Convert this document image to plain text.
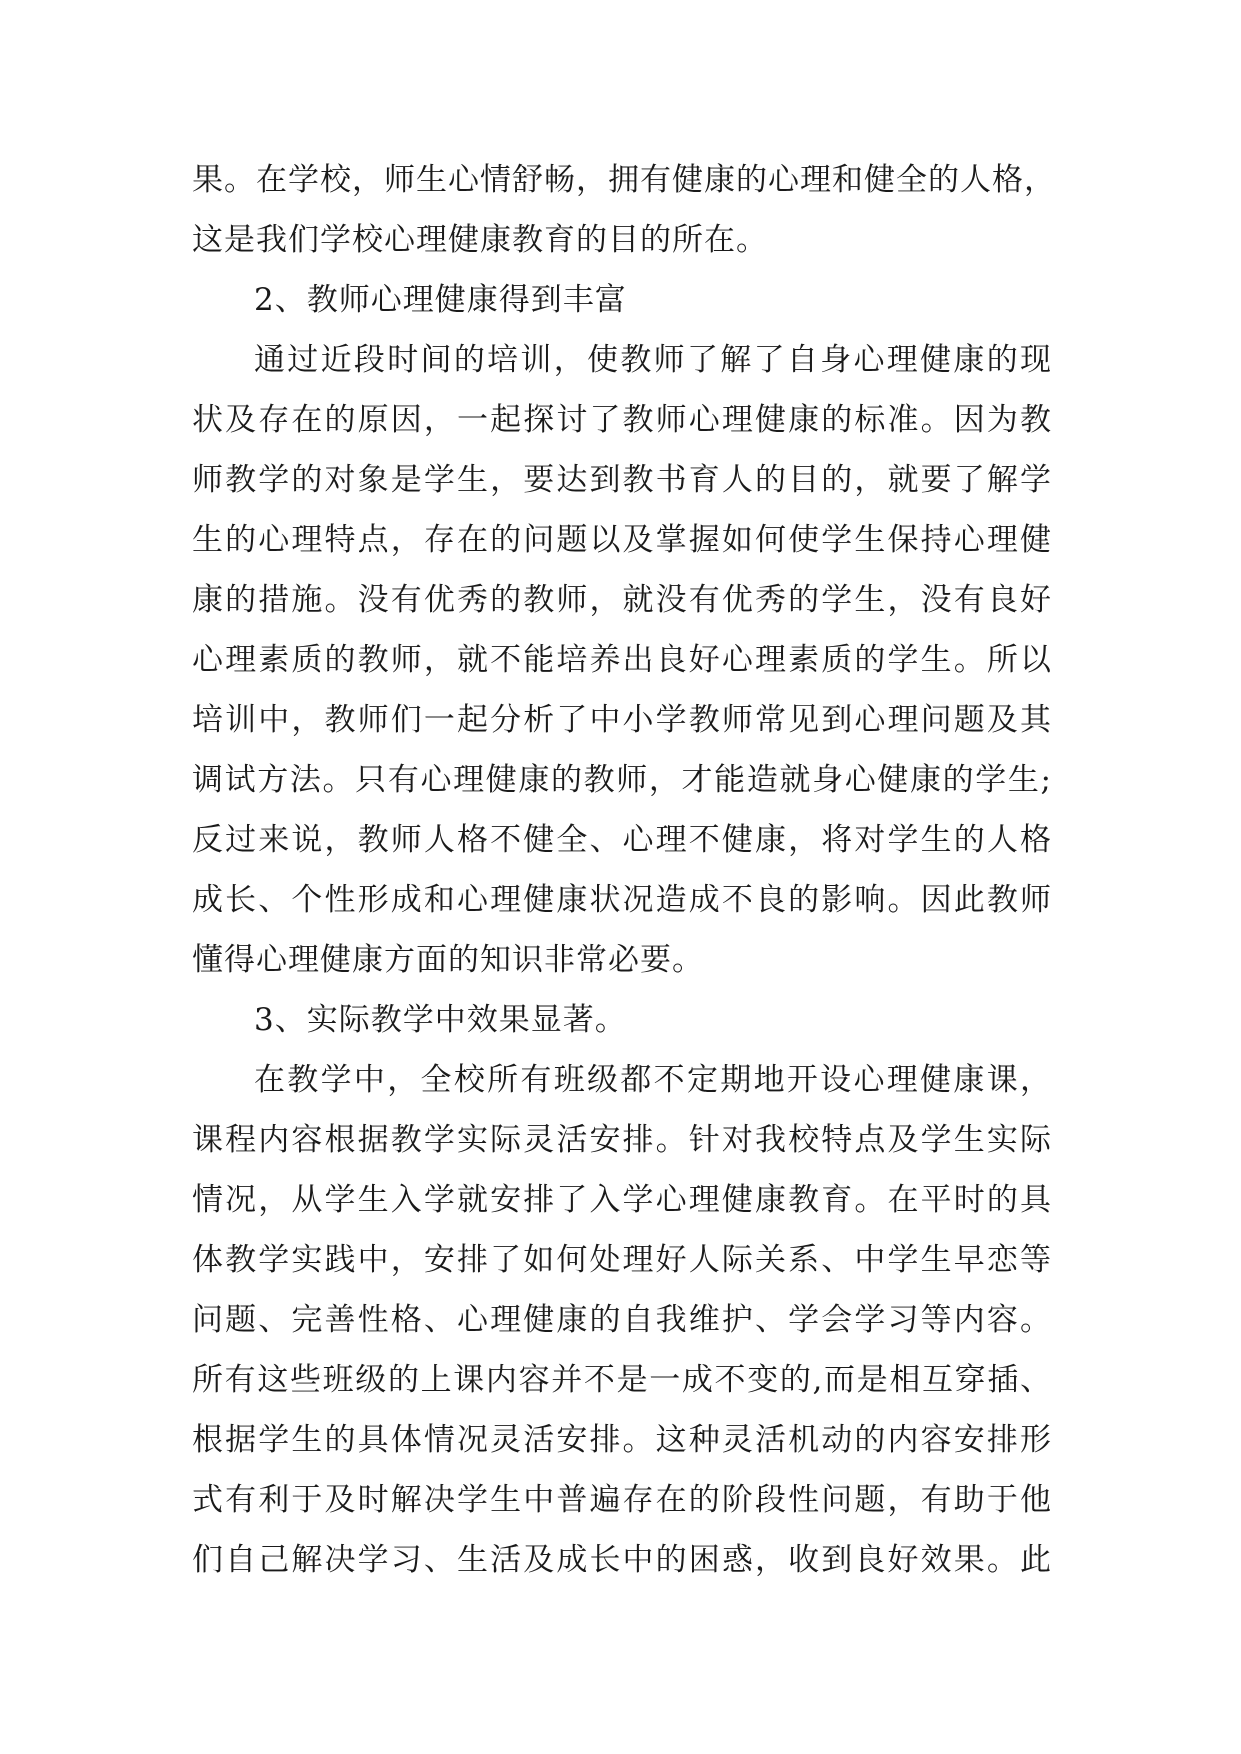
果。在学校，师生心情舒畅，拥有健康的心理和健全的人格，
这是我们学校心理健康教育的目的所在。
2、教师心理健康得到丰富
通过近段时间的培训，使教师了解了自身心理健康的现
状及存在的原因，一起探讨了教师心理健康的标准。因为教
师教学的对象是学生，要达到教书育人的目的，就要了解学
生的心理特点，存在的问题以及掌握如何使学生保持心理健
康的措施。没有优秀的教师，就没有优秀的学生，没有良好
心理素质的教师，就不能培养出良好心理素质的学生。所以
培训中，教师们一起分析了中小学教师常见到心理问题及其
调试方法。只有心理健康的教师，才能造就身心健康的学生;
反过来说，教师人格不健全、心理不健康，将对学生的人格
成长、个性形成和心理健康状况造成不良的影响。因此教师
懂得心理健康方面的知识非常必要。
3、实际教学中效果显著。
在教学中，全校所有班级都不定期地开设心理健康课，
课程内容根据教学实际灵活安排。针对我校特点及学生实际
情况，从学生入学就安排了入学心理健康教育。在平时的具
体教学实践中，安排了如何处理好人际关系、中学生早恋等
问题、完善性格、心理健康的自我维护、学会学习等内容。
所有这些班级的上课内容并不是一成不变的,而是相互穿插、
根据学生的具体情况灵活安排。这种灵活机动的内容安排形
式有利于及时解决学生中普遍存在的阶段性问题，有助于他
们自己解决学习、生活及成长中的困惑，收到良好效果。此
